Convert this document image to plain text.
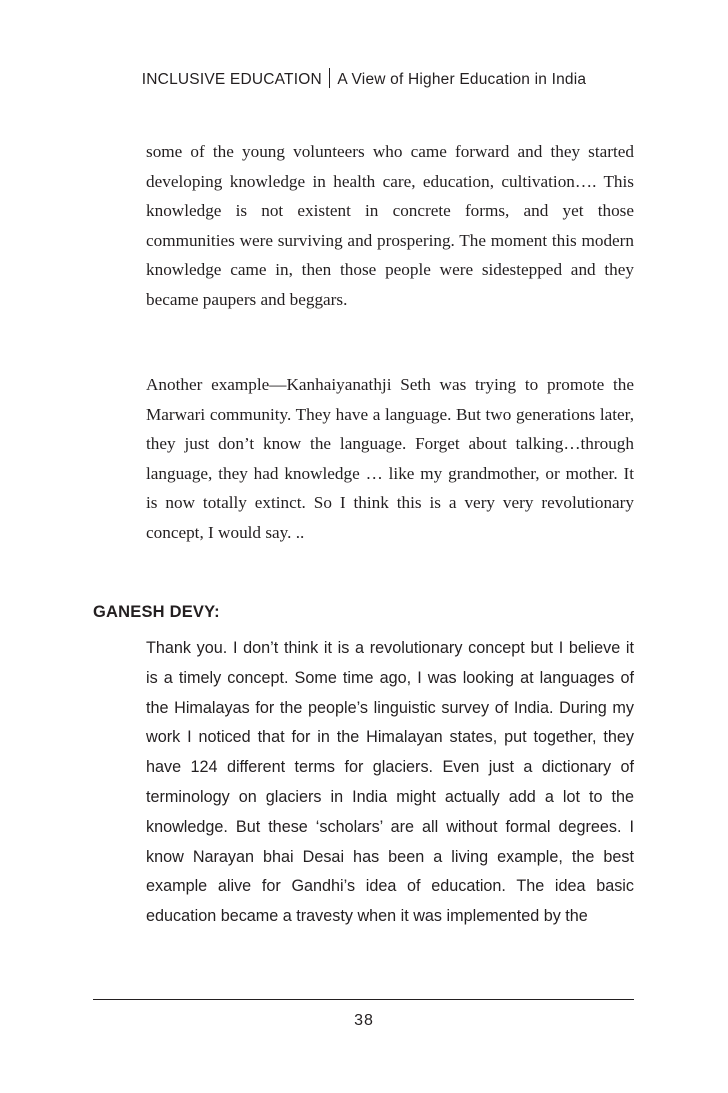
INCLUSIVE EDUCATION A View of Higher Education in India

some of the young volunteers who came forward and they started developing knowledge in health care, education, cultivation…. This knowledge is not existent in concrete forms, and yet those communities were surviving and prospering. The moment this modern knowledge came in, then those people were sidestepped and they became paupers and beggars.

Another example—Kanhaiyanathji Seth was trying to promote the Marwari community. They have a language. But two generations later, they just don’t know the language. Forget about talking…through language, they had knowledge … like my grandmother, or mother. It is now totally extinct. So I think this is a very very revolutionary concept, I would say. ..

GANESH DEVY:

Thank you. I don’t think it is a revolutionary concept but I believe it is a timely concept. Some time ago, I was looking at languages of the Himalayas for the people’s linguistic survey of India. During my work I noticed that for in the Himalayan states, put together, they have 124 different terms for glaciers. Even just a dictionary of terminology on glaciers in India might actually add a lot to the knowledge. But these ‘scholars’ are all without formal degrees. I know Narayan bhai Desai has been a living example, the best example alive for Gandhi’s idea of education. The idea basic education became a travesty when it was implemented by the

38
